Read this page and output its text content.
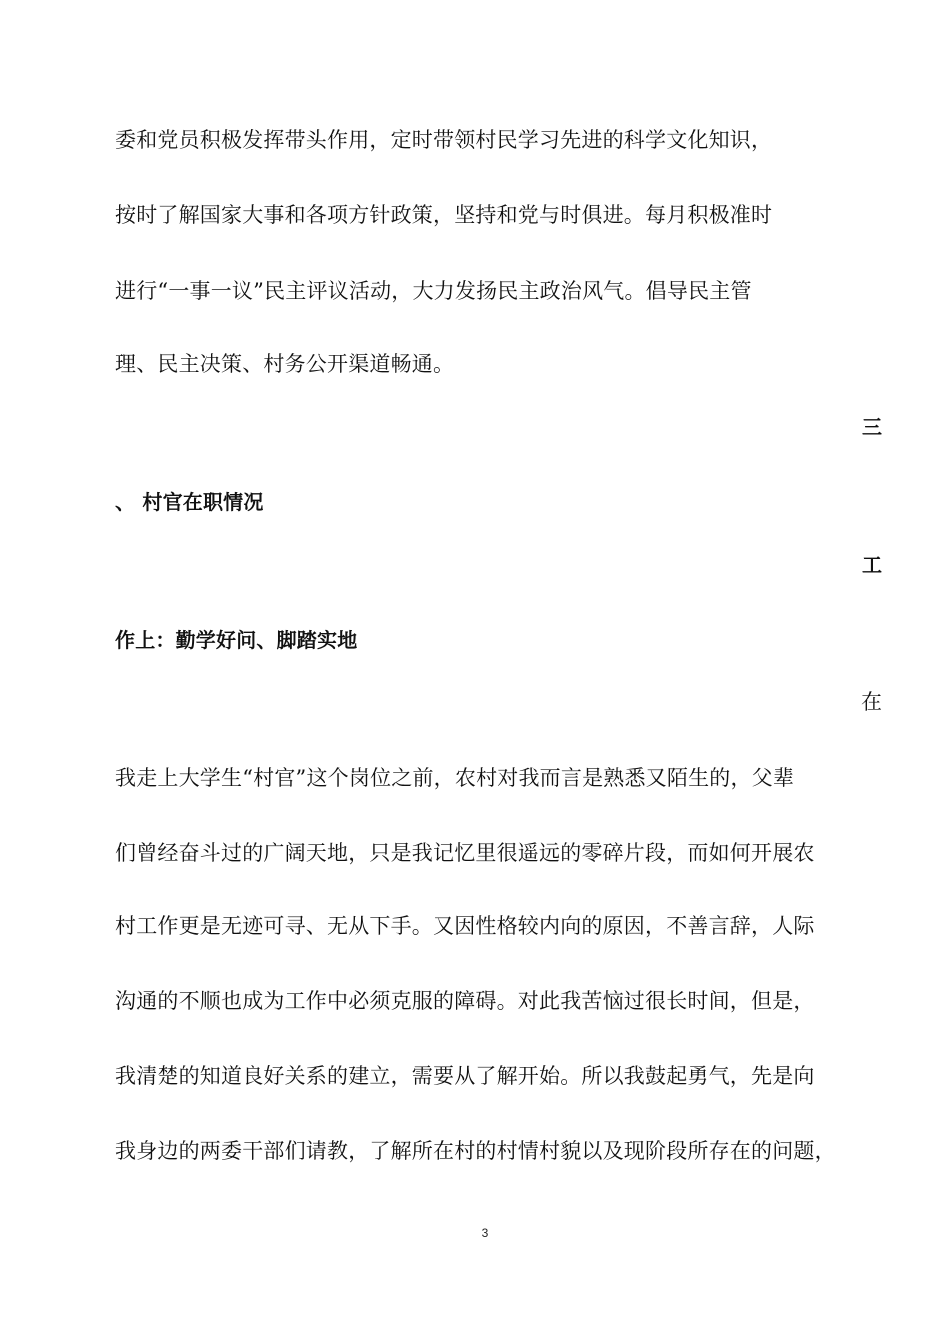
委和党员积极发挥带头作用，定时带领村民学习先进的科学文化知识，
按时了解国家大事和各项方针政策，坚持和党与时俱进。每月积极准时
进行“一事一议”民主评议活动，大力发扬民主政治风气。倡导民主管
理、民主决策、村务公开渠道畅通。
三
、 村官在职情况
工
作上：勤学好问、脚踏实地
在
我走上大学生“村官”这个岗位之前，农村对我而言是熟悉又陌生的，父辈
们曾经奋斗过的广阔天地，只是我记忆里很遥远的零碎片段，而如何开展农
村工作更是无迹可寻、无从下手。又因性格较内向的原因，不善言辞，人际
沟通的不顺也成为工作中必须克服的障碍。对此我苦恼过很长时间，但是，
我清楚的知道良好关系的建立，需要从了解开始。所以我鼓起勇气，先是向
我身边的两委干部们请教，了解所在村的村情村貌以及现阶段所存在的问题，
3
